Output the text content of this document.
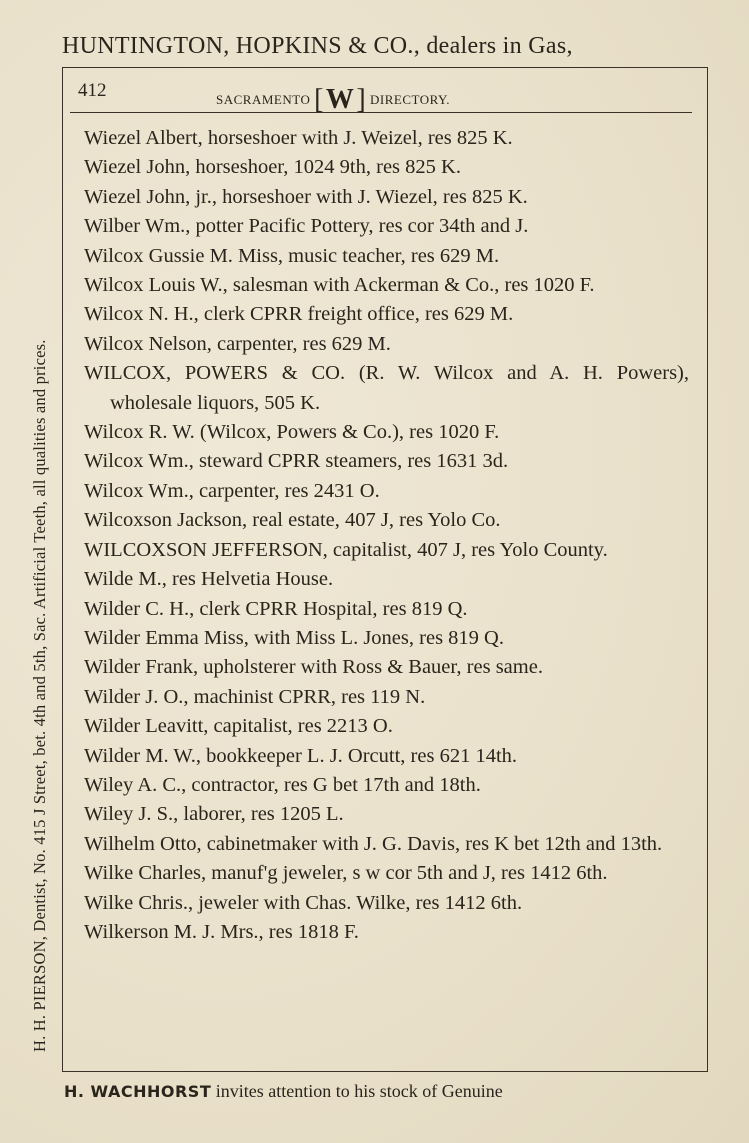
HUNTINGTON, HOPKINS & CO., dealers in Gas,
412	SACRAMENTO [W] DIRECTORY.
Wiezel Albert, horseshoer with J. Weizel, res 825 K.
Wiezel John, horseshoer, 1024 9th, res 825 K.
Wiezel John, jr., horseshoer with J. Wiezel, res 825 K.
Wilber Wm., potter Pacific Pottery, res cor 34th and J.
Wilcox Gussie M. Miss, music teacher, res 629 M.
Wilcox Louis W., salesman with Ackerman & Co., res 1020 F.
Wilcox N. H., clerk CPRR freight office, res 629 M.
Wilcox Nelson, carpenter, res 629 M.
WILCOX, POWERS & CO. (R. W. Wilcox and A. H. Powers), wholesale liquors, 505 K.
Wilcox R. W. (Wilcox, Powers & Co.), res 1020 F.
Wilcox Wm., steward CPRR steamers, res 1631 3d.
Wilcox Wm., carpenter, res 2431 O.
Wilcoxson Jackson, real estate, 407 J, res Yolo Co.
WILCOXSON JEFFERSON, capitalist, 407 J, res Yolo County.
Wilde M., res Helvetia House.
Wilder C. H., clerk CPRR Hospital, res 819 Q.
Wilder Emma Miss, with Miss L. Jones, res 819 Q.
Wilder Frank, upholsterer with Ross & Bauer, res same.
Wilder J. O., machinist CPRR, res 119 N.
Wilder Leavitt, capitalist, res 2213 O.
Wilder M. W., bookkeeper L. J. Orcutt, res 621 14th.
Wiley A. C., contractor, res G bet 17th and 18th.
Wiley J. S., laborer, res 1205 L.
Wilhelm Otto, cabinetmaker with J. G. Davis, res K bet 12th and 13th.
Wilke Charles, manuf'g jeweler, s w cor 5th and J, res 1412 6th.
Wilke Chris., jeweler with Chas. Wilke, res 1412 6th.
Wilkerson M. J. Mrs., res 1818 F.
H. H. PIERSON, Dentist, No. 415 J Street, bet. 4th and 5th, Sac. Artificial Teeth, all qualities and prices.
H. WACHHORST invites attention to his stock of Genuine
